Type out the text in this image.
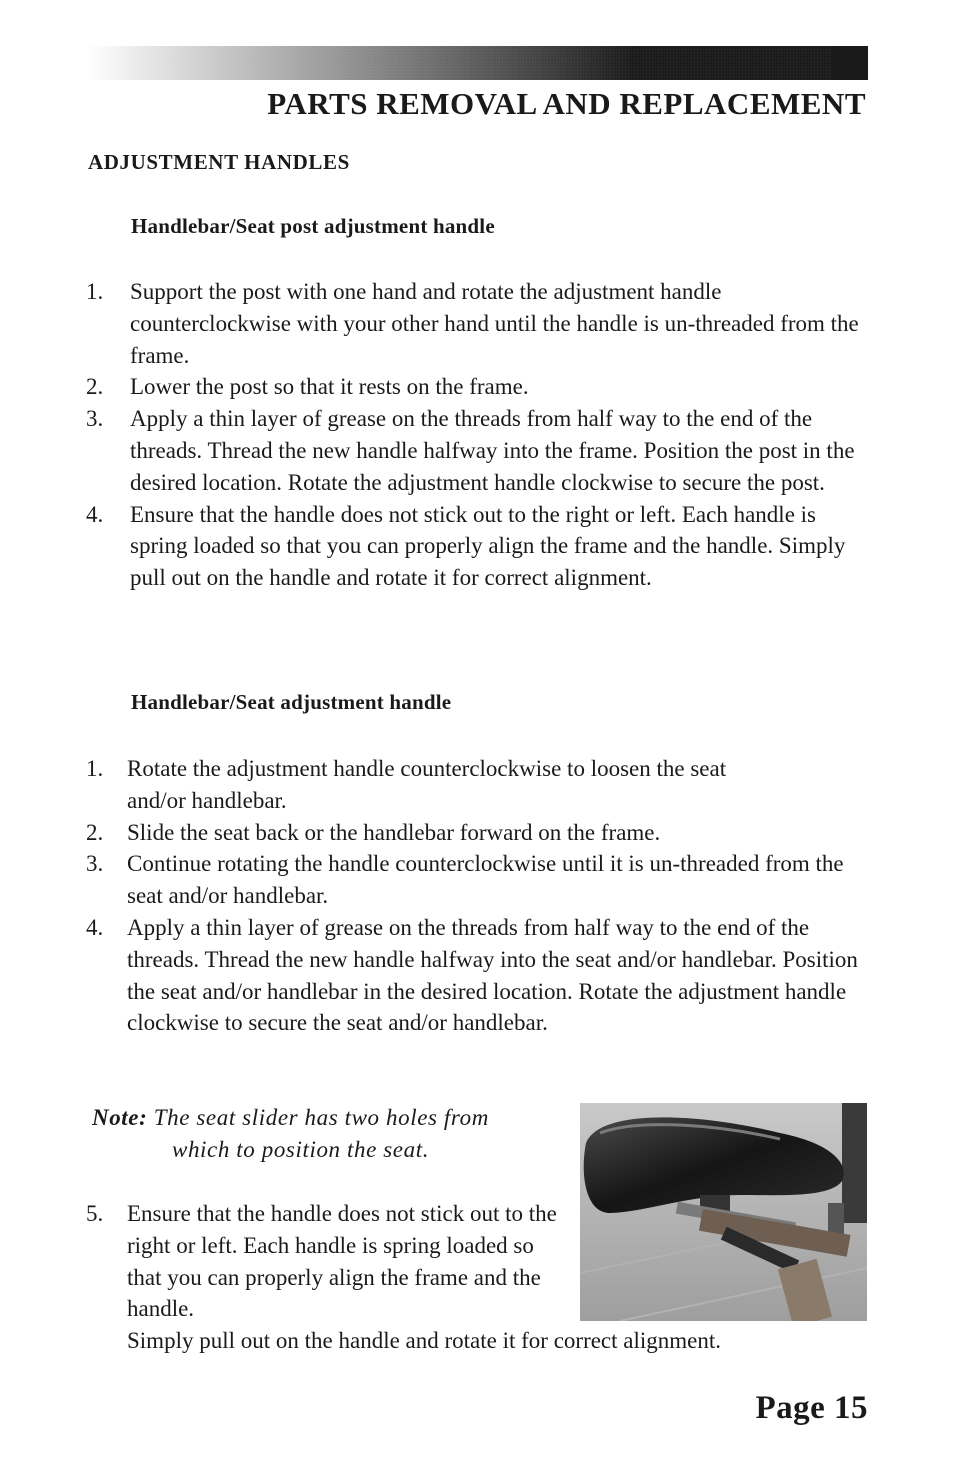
PARTS REMOVAL AND REPLACEMENT
ADJUSTMENT HANDLES
Handlebar/Seat post adjustment handle
1. Support the post with one hand and rotate the adjustment handle counterclockwise with your other hand until the handle is un-threaded from the frame.
2. Lower the post so that it rests on the frame.
3. Apply a thin layer of grease on the threads from half way to the end of the threads. Thread the new handle halfway into the frame. Position the post in the desired location. Rotate the adjustment handle clockwise to secure the post.
4. Ensure that the handle does not stick out to the right or left. Each handle is spring loaded so that you can properly align the frame and the handle. Simply pull out on the handle and rotate it for correct alignment.
Handlebar/Seat adjustment handle
1. Rotate the adjustment handle counterclockwise to loosen the seat and/or handlebar.
2. Slide the seat back or the handlebar forward on the frame.
3. Continue rotating the handle counterclockwise until it is un-threaded from the seat and/or handlebar.
4. Apply a thin layer of grease on the threads from half way to the end of the threads. Thread the new handle halfway into the seat and/or handlebar. Position the seat and/or handlebar in the desired location. Rotate the adjustment handle clockwise to secure the seat and/or handlebar.

Note: The seat slider has two holes from
which to position the seat.

5. Ensure that the handle does not stick out to the right or left. Each handle is spring loaded so that you can properly align the frame and the handle.
Simply pull out on the handle and rotate it for correct alignment.

Page 15
